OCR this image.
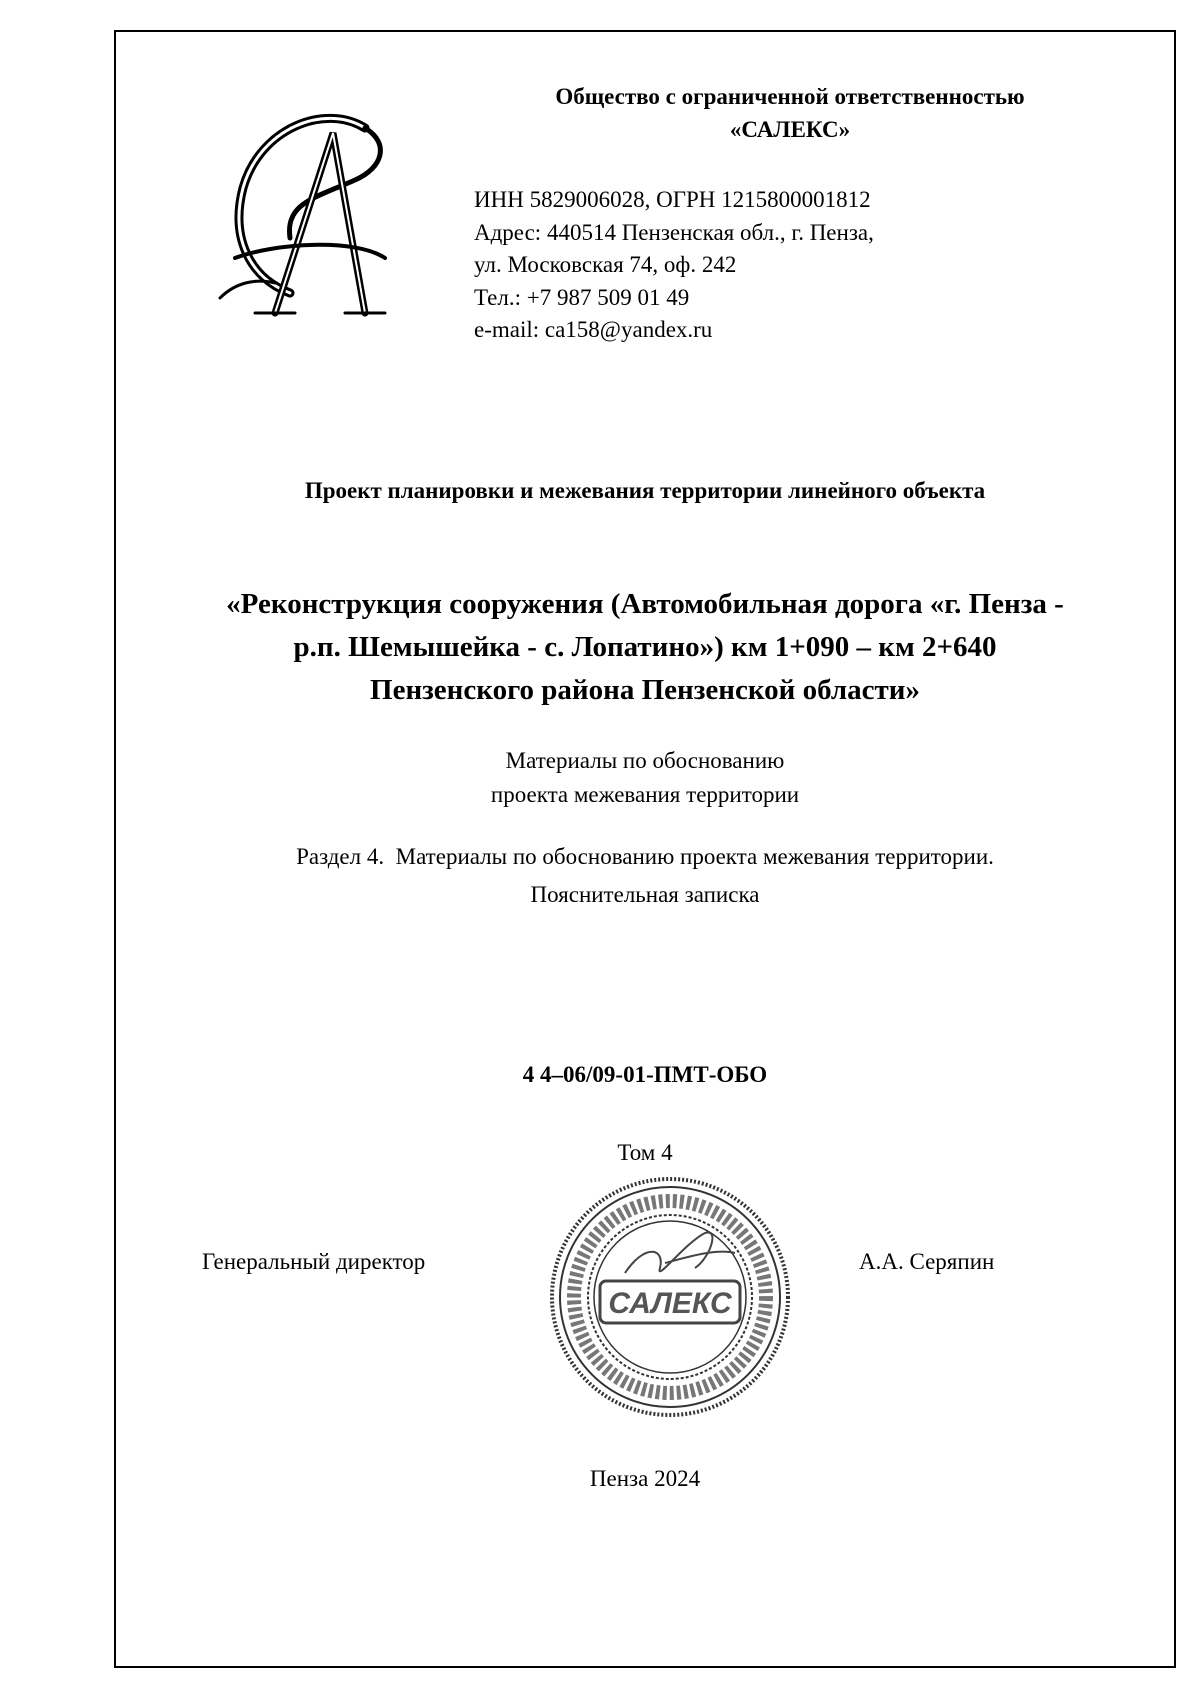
Общество с ограниченной ответственностью
«САЛЕКС»
ИНН 5829006028, ОГРН 1215800001812
Адрес: 440514 Пензенская обл., г. Пенза,
ул. Московская 74, оф. 242
Тел.: +7 987 509 01 49
e-mail: ca158@yandex.ru
Проект планировки и межевания территории линейного объекта
«Реконструкция сооружения (Автомобильная дорога «г. Пенза -
р.п. Шемышейка - с. Лопатино») км 1+090 – км 2+640
Пензенского района Пензенской области»
Материалы по обоснованию
проекта межевания территории
Раздел 4.  Материалы по обоснованию проекта межевания территории.
Пояснительная записка
4 4–06/09-01-ПМТ-ОБО
Том 4
Генеральный директор
САЛЕКС
А.А. Серяпин
Пенза 2024
